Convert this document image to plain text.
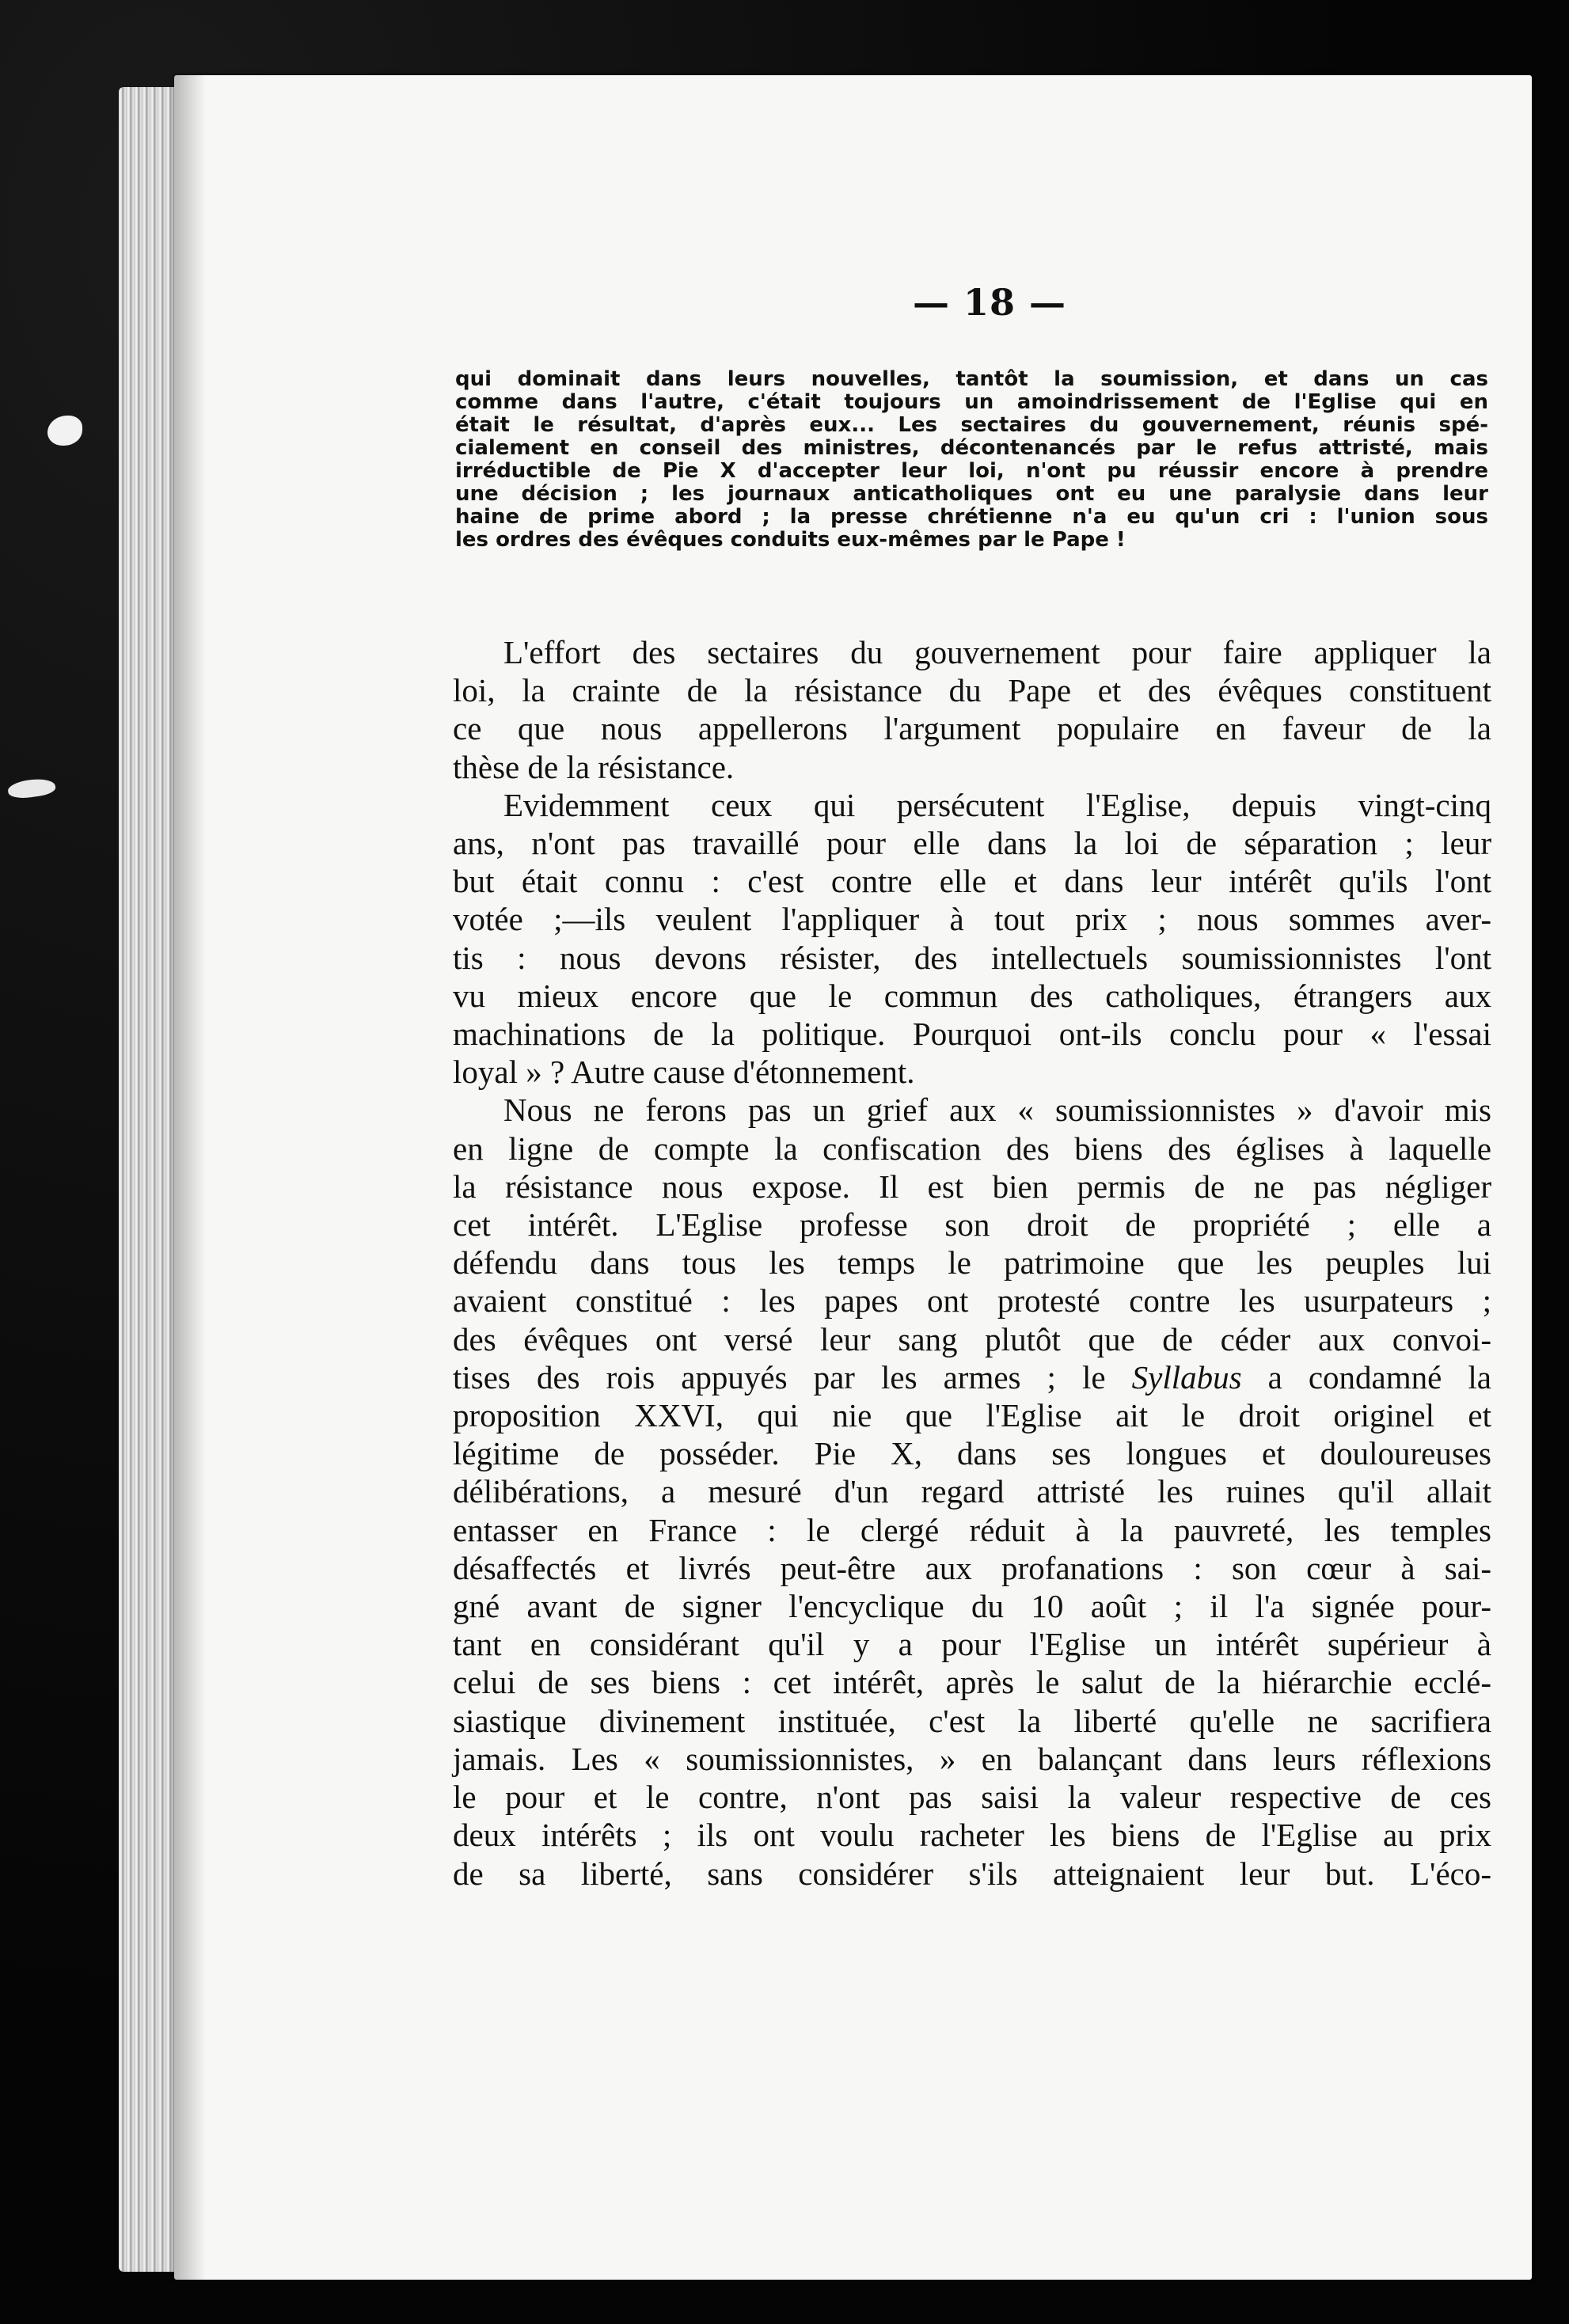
— 18 —
qui dominait dans leurs nouvelles, tantôt la soumission, et dans un cas
comme dans l'autre, c'était toujours un amoindrissement de l'Eglise qui en
était le résultat, d'après eux... Les sectaires du gouvernement, réunis spé-
cialement en conseil des ministres, décontenancés par le refus attristé, mais
irréductible de Pie X d'accepter leur loi, n'ont pu réussir encore à prendre
une décision ; les journaux anticatholiques ont eu une paralysie dans leur
haine de prime abord ; la presse chrétienne n'a eu qu'un cri : l'union sous
les ordres des évêques conduits eux-mêmes par le Pape !
L'effort des sectaires du gouvernement pour faire appliquer la
loi, la crainte de la résistance du Pape et des évêques constituent
ce que nous appellerons l'argument populaire en faveur de la
thèse de la résistance.
Evidemment ceux qui persécutent l'Eglise, depuis vingt-cinq
ans, n'ont pas travaillé pour elle dans la loi de séparation ; leur
but était connu : c'est contre elle et dans leur intérêt qu'ils l'ont
votée ;—ils veulent l'appliquer à tout prix ; nous sommes aver-
tis : nous devons résister, des intellectuels soumissionnistes l'ont
vu mieux encore que le commun des catholiques, étrangers aux
machinations de la politique. Pourquoi ont-ils conclu pour « l'essai
loyal » ? Autre cause d'étonnement.
Nous ne ferons pas un grief aux « soumissionnistes » d'avoir mis
en ligne de compte la confiscation des biens des églises à laquelle
la résistance nous expose. Il est bien permis de ne pas négliger
cet intérêt. L'Eglise professe son droit de propriété ; elle a
défendu dans tous les temps le patrimoine que les peuples lui
avaient constitué : les papes ont protesté contre les usurpateurs ;
des évêques ont versé leur sang plutôt que de céder aux convoi-
tises des rois appuyés par les armes ; le Syllabus a condamné la
proposition XXVI, qui nie que l'Eglise ait le droit originel et
légitime de posséder. Pie X, dans ses longues et douloureuses
délibérations, a mesuré d'un regard attristé les ruines qu'il allait
entasser en France : le clergé réduit à la pauvreté, les temples
désaffectés et livrés peut-être aux profanations : son cœur à sai-
gné avant de signer l'encyclique du 10 août ; il l'a signée pour-
tant en considérant qu'il y a pour l'Eglise un intérêt supérieur à
celui de ses biens : cet intérêt, après le salut de la hiérarchie ecclé-
siastique divinement instituée, c'est la liberté qu'elle ne sacrifiera
jamais. Les « soumissionnistes, » en balançant dans leurs réflexions
le pour et le contre, n'ont pas saisi la valeur respective de ces
deux intérêts ; ils ont voulu racheter les biens de l'Eglise au prix
de sa liberté, sans considérer s'ils atteignaient leur but. L'éco-
